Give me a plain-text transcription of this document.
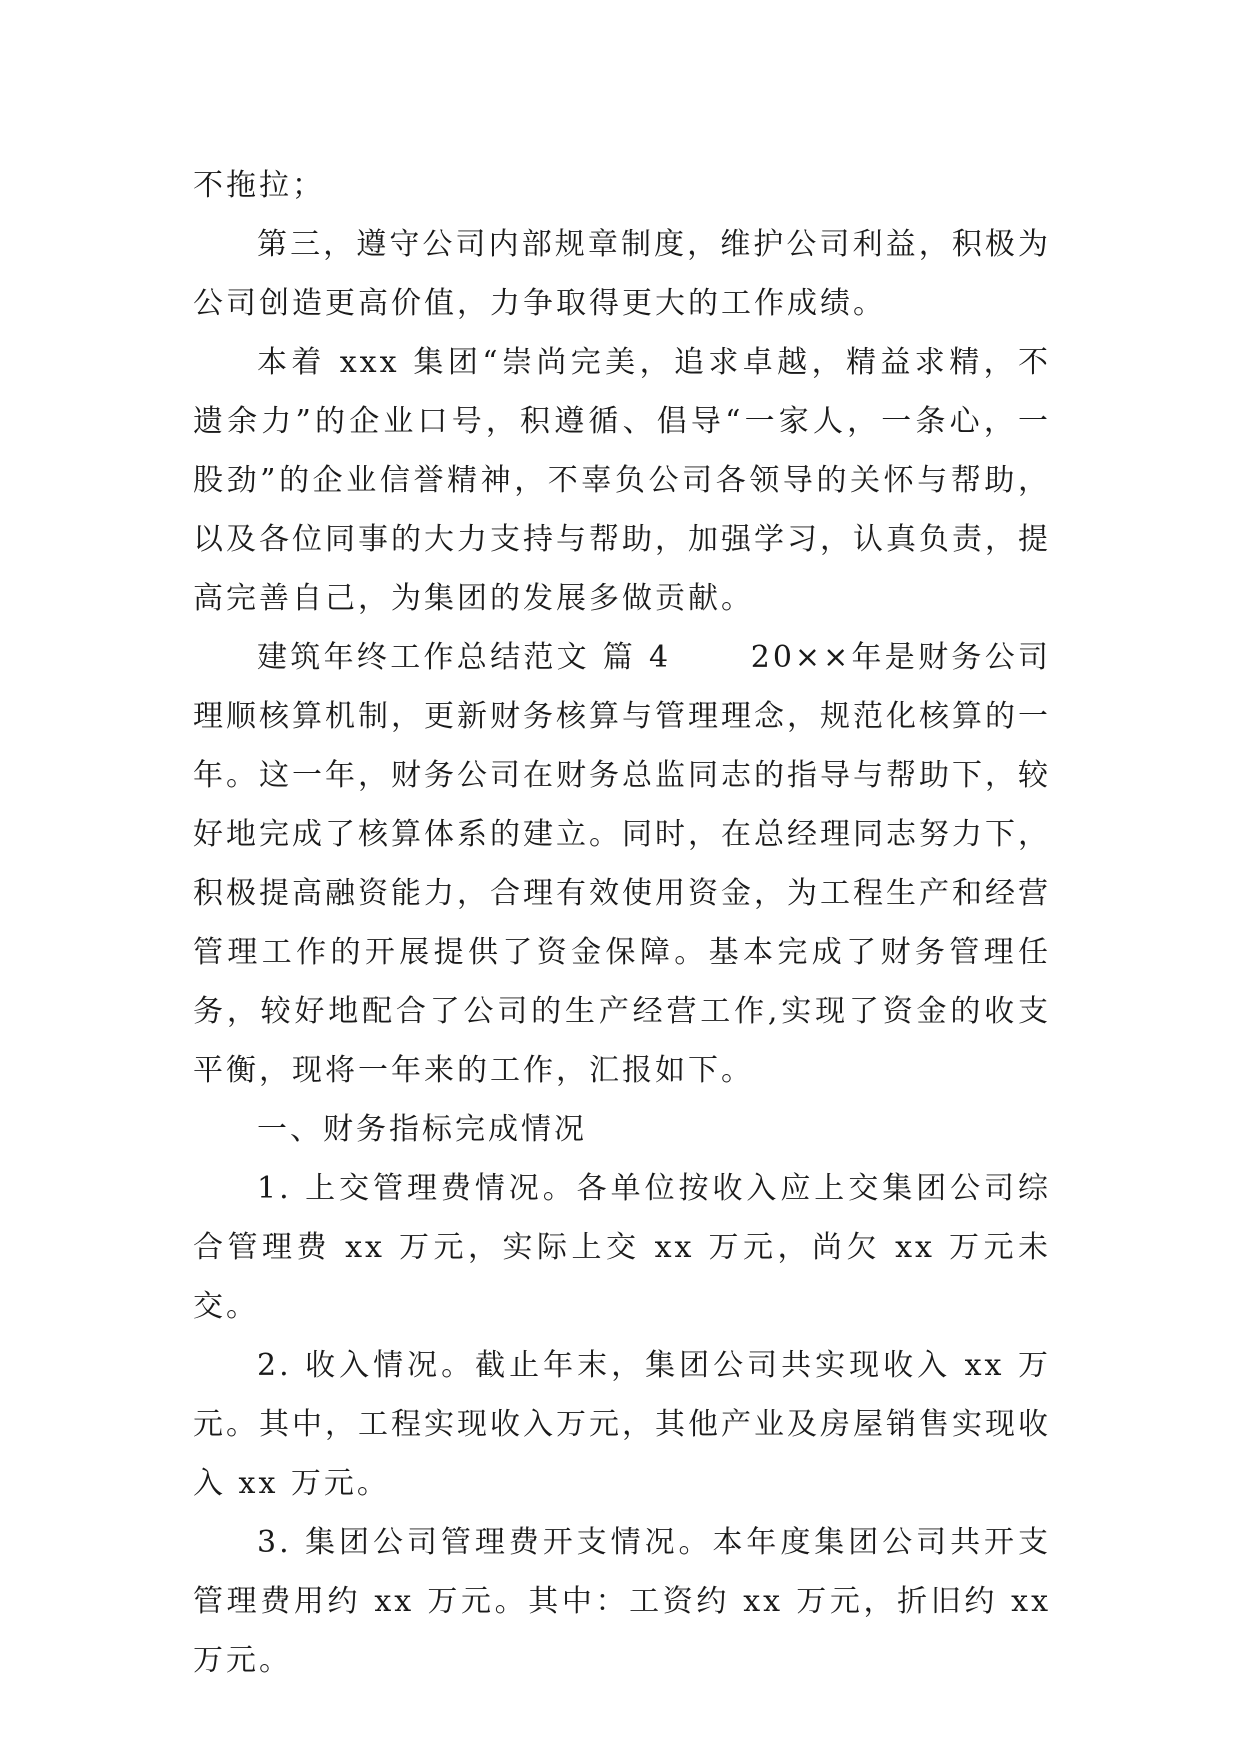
不拖拉；

第三，遵守公司内部规章制度，维护公司利益，积极为公司创造更高价值，力争取得更大的工作成绩。

本着 xxx 集团“崇尚完美，追求卓越，精益求精，不遗余力”的企业口号，积遵循、倡导“一家人，一条心，一股劲”的企业信誉精神，不辜负公司各领导的关怀与帮助，以及各位同事的大力支持与帮助，加强学习，认真负责，提高完善自己，为集团的发展多做贡献。

建筑年终工作总结范文 篇 4　　 20××年是财务公司理顺核算机制，更新财务核算与管理理念，规范化核算的一年。这一年，财务公司在财务总监同志的指导与帮助下，较好地完成了核算体系的建立。同时，在总经理同志努力下，积极提高融资能力，合理有效使用资金，为工程生产和经营管理工作的开展提供了资金保障。基本完成了财务管理任务，较好地配合了公司的生产经营工作,实现了资金的收支平衡，现将一年来的工作，汇报如下。

一、财务指标完成情况

1. 上交管理费情况。各单位按收入应上交集团公司综合管理费 xx 万元，实际上交 xx 万元，尚欠 xx 万元未交。

2. 收入情况。截止年末，集团公司共实现收入 xx 万元。其中，工程实现收入万元，其他产业及房屋销售实现收入 xx 万元。

3. 集团公司管理费开支情况。本年度集团公司共开支管理费用约 xx 万元。其中：工资约 xx 万元，折旧约 xx 万元。
